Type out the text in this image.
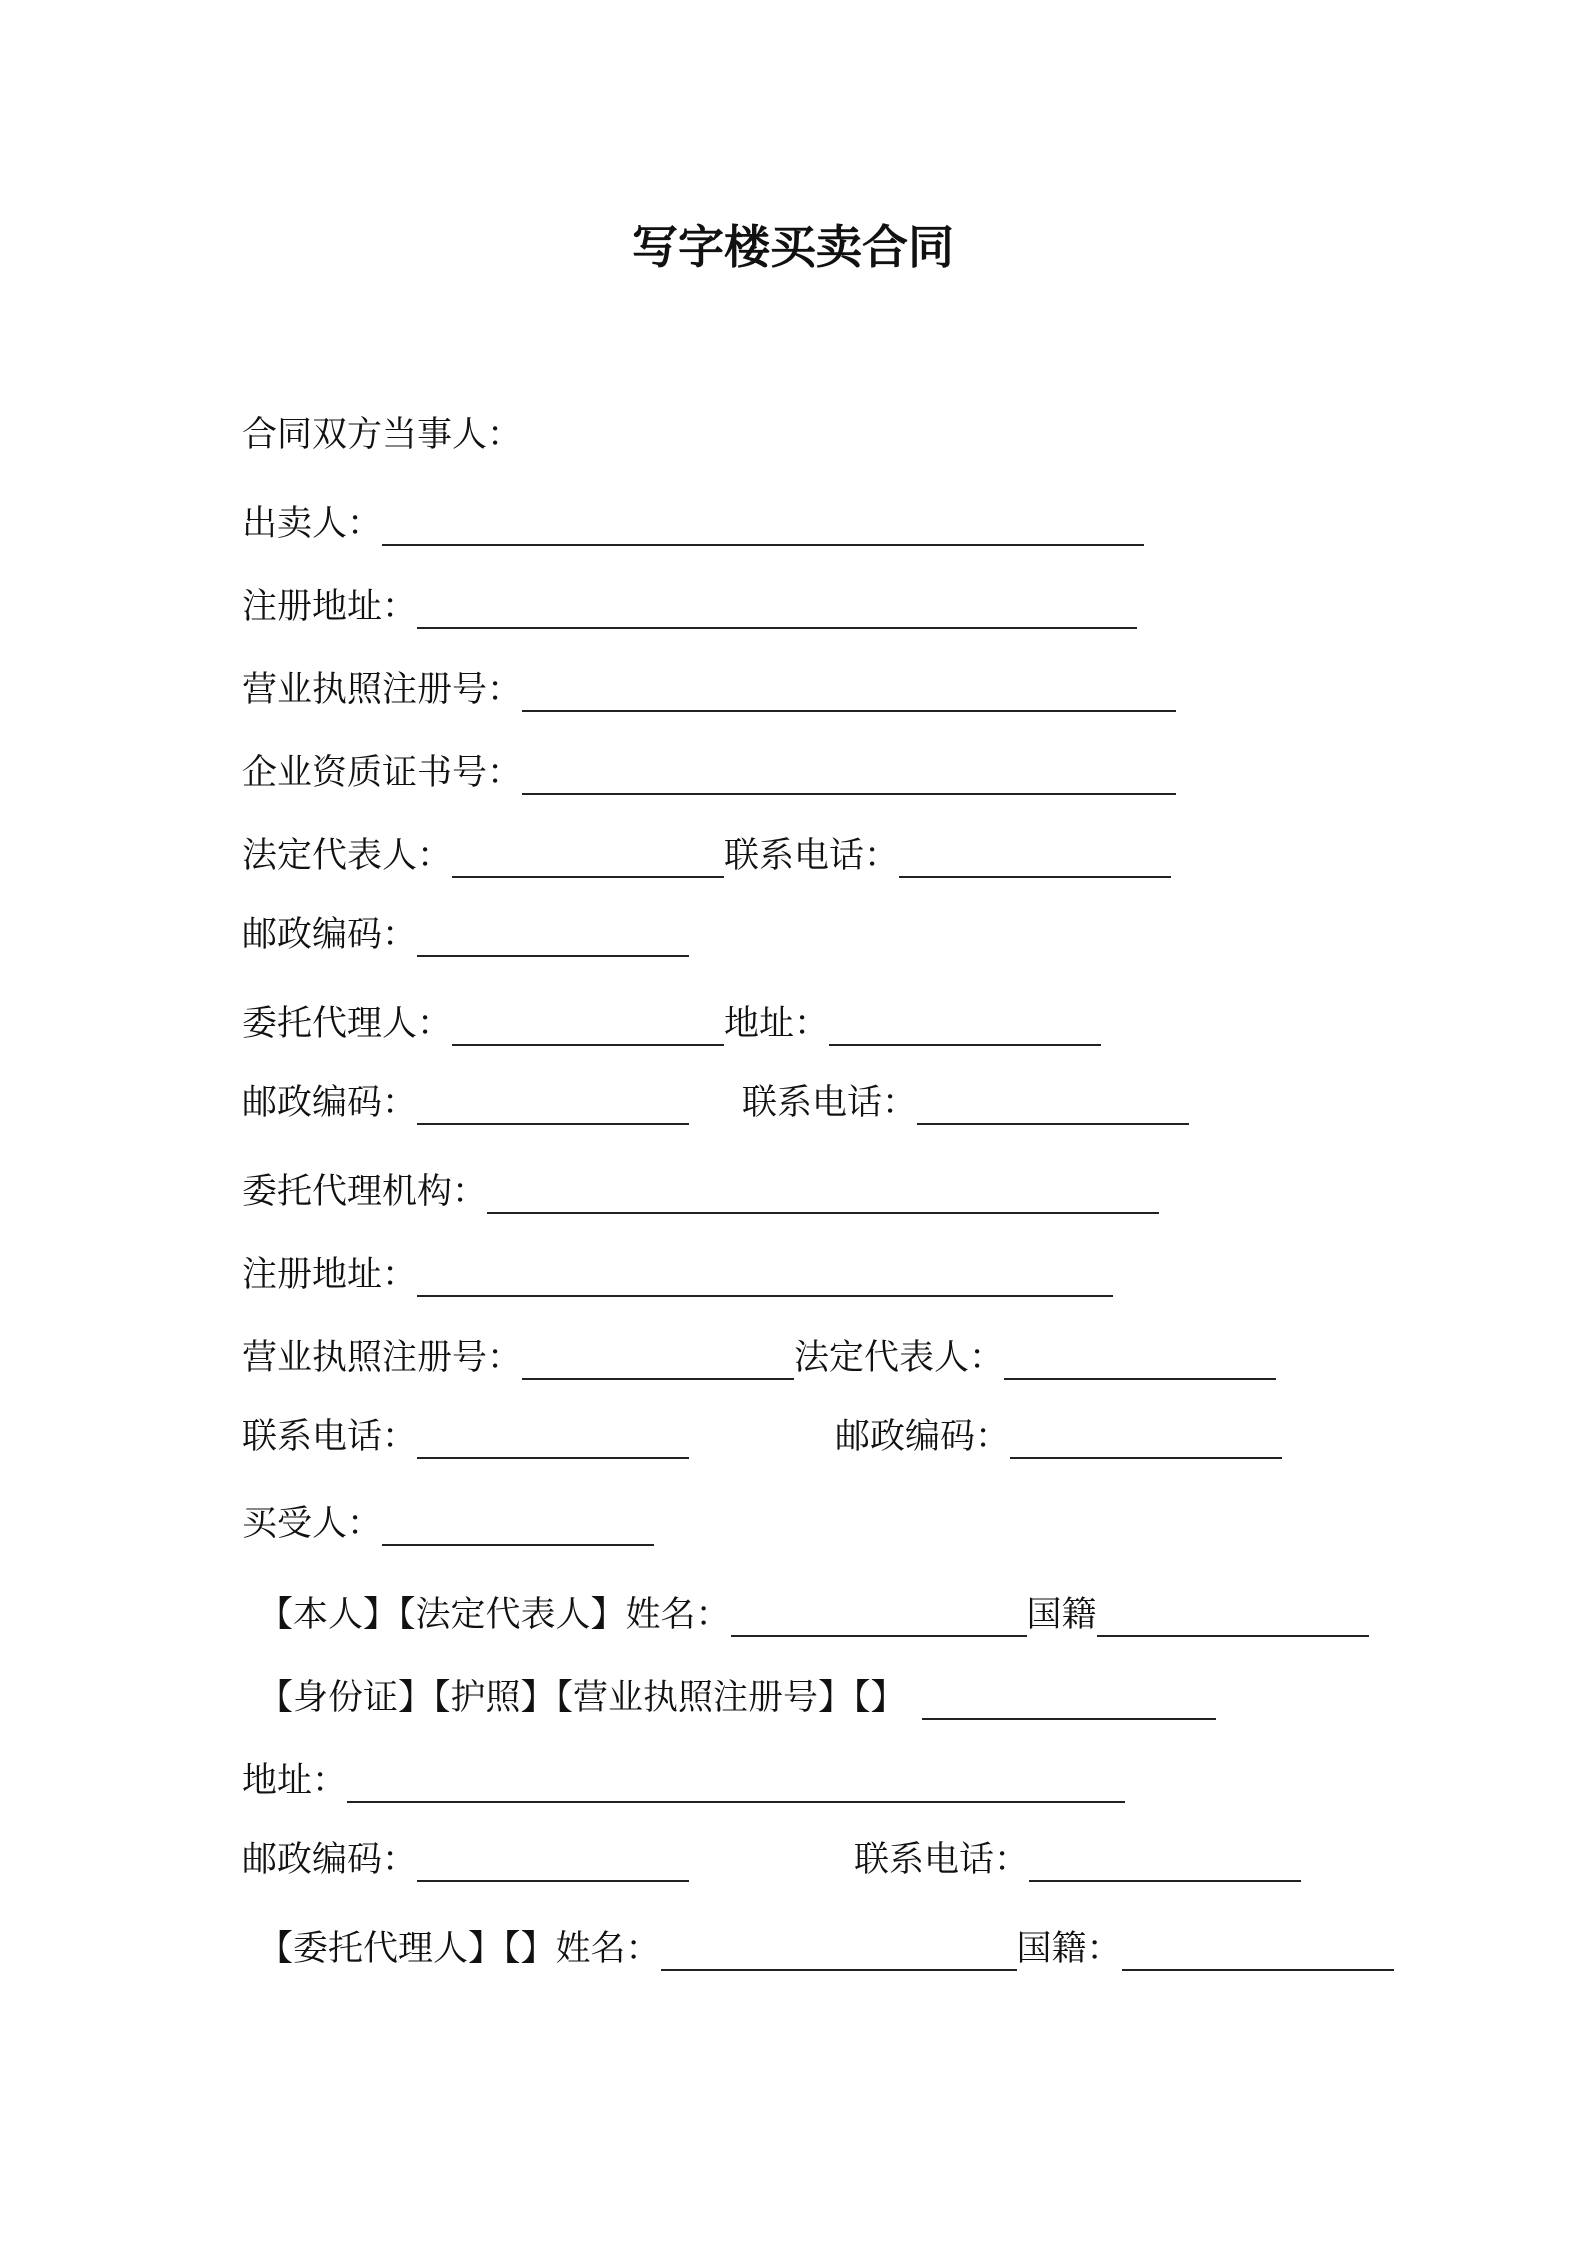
写字楼买卖合同
合同双方当事人：
出卖人：
注册地址：
营业执照注册号：
企业资质证书号：
法定代表人：	联系电话：
邮政编码：
委托代理人：	地址：
邮政编码：	联系电话：
委托代理机构：
注册地址：
营业执照注册号：	法定代表人：
联系电话：	邮政编码：
买受人：
【本人】【法定代表人】姓名：	国籍
【身份证】【护照】【营业执照注册号】【】
地址：
邮政编码：	联系电话：
【委托代理人】【】姓名：	国籍：
